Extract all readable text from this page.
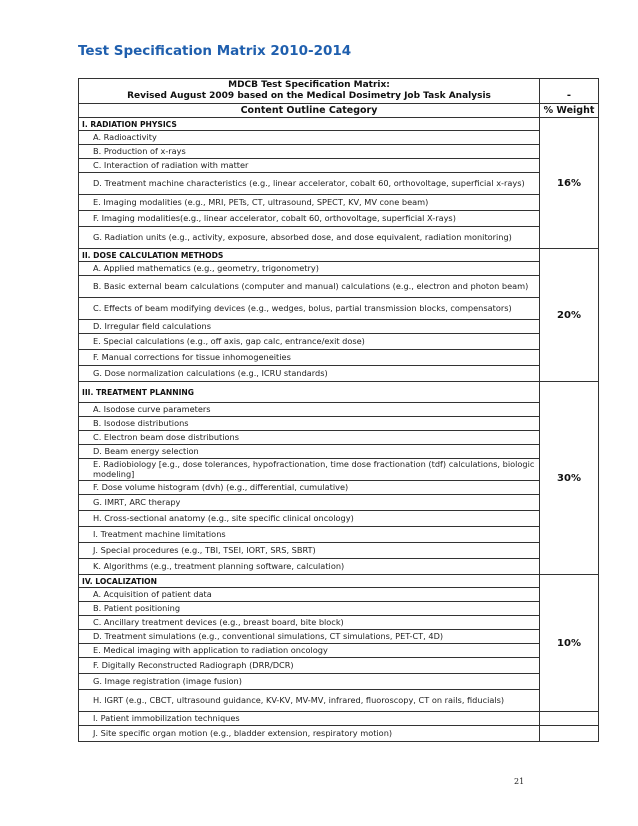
Test Specification Matrix 2010-2014
MDCB Test Specification Matrix:
Revised August 2009 based on the Medical Dosimetry Job Task Analysis	-
Content Outline Category	% Weight
I. RADIATION PHYSICS	16%
A. Radioactivity	
B. Production of x-rays	
C. Interaction of radiation with matter	
D. Treatment machine characteristics (e.g., linear accelerator, cobalt 60, orthovoltage, superficial x-rays)	
E. Imaging modalities (e.g., MRI, PETs, CT, ultrasound, SPECT, KV, MV cone beam)	
F. Imaging modalities(e.g., linear accelerator, cobalt 60, orthovoltage, superficial X-rays)	
G. Radiation units (e.g., activity, exposure, absorbed dose, and dose equivalent, radiation monitoring)	
II. DOSE CALCULATION METHODS	20%
A. Applied mathematics (e.g., geometry, trigonometry)	
B. Basic external beam calculations (computer and manual) calculations (e.g., electron and photon beam)	
C. Effects of beam modifying devices (e.g., wedges, bolus, partial transmission blocks, compensators)	
D. Irregular field calculations	
E. Special calculations (e.g., off axis, gap calc, entrance/exit dose)	
F. Manual corrections for tissue inhomogeneities	
G. Dose normalization calculations (e.g., ICRU standards)	
III. TREATMENT PLANNING	30%
A. Isodose curve parameters	
B. Isodose distributions	
C. Electron beam dose distributions	
D. Beam energy selection	
E. Radiobiology [e.g., dose tolerances, hypofractionation, time dose fractionation (tdf) calculations, biologic modeling]	
F. Dose volume histogram (dvh) (e.g., differential, cumulative)	
G. IMRT, ARC therapy	
H. Cross-sectional anatomy (e.g., site specific clinical oncology)	
I. Treatment machine limitations	
J. Special procedures (e.g., TBI, TSEI, IORT, SRS, SBRT)	
K. Algorithms (e.g., treatment planning software, calculation)	
IV. LOCALIZATION	10%
A. Acquisition of patient data	
B. Patient positioning	
C. Ancillary treatment devices (e.g., breast board, bite block)	
D. Treatment simulations (e.g., conventional simulations, CT simulations, PET-CT, 4D)	
E. Medical imaging with application to radiation oncology	
F. Digitally Reconstructed Radiograph (DRR/DCR)	
G. Image registration (image fusion)	
H. IGRT (e.g., CBCT, ultrasound guidance, KV-KV, MV-MV, infrared, fluoroscopy, CT on rails, fiducials)	
I. Patient immobilization techniques	
J. Site specific organ motion (e.g., bladder extension, respiratory motion)	
21
